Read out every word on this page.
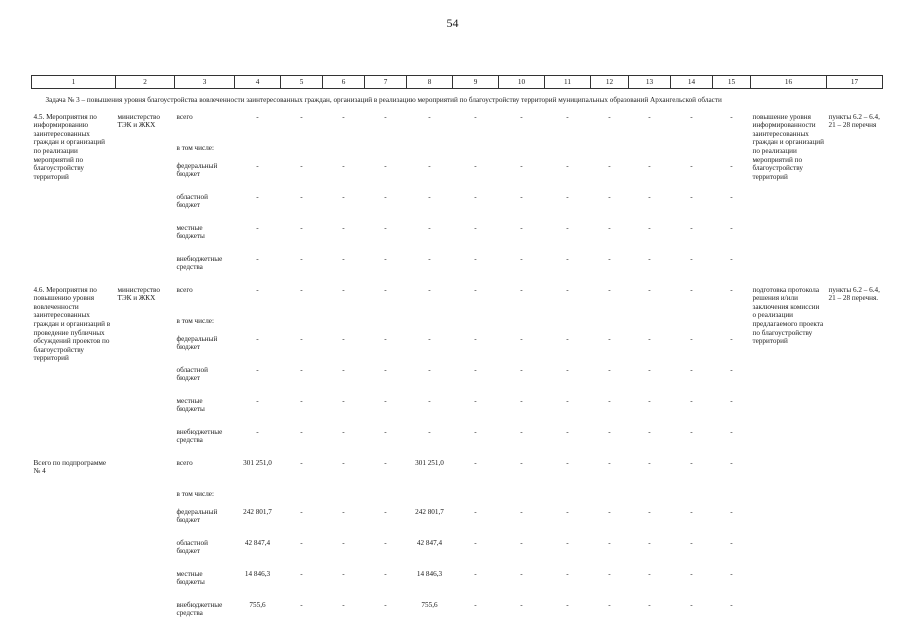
54
1	2	3	4	5	6	7	8	9	10	11	12	13	14	15	16	17
Задача № 3 – повышения уровня благоустройства вовлеченности заинтересованных граждан, организаций в реализацию мероприятий по благоустройству территорий муниципальных образований Архангельской области																
4.5. Мероприятия по информированию заинтересованных граждан и организаций по реализации мероприятий по благоустройству территорий	министерство ТЭК и ЖКХ	всего	-	-	-	-	-	-	-	-	-	-	-	-	повышение уровня информированности заинтересованных граждан и организаций по реализации мероприятий по благоустройству территорий	пункты 6.2 – 6.4, 21 – 28 перечня
		в том числе:														
		федеральный бюджет	-	-	-	-	-	-	-	-	-	-	-	-		
		областной бюджет	-	-	-	-	-	-	-	-	-	-	-	-		
		местные бюджеты	-	-	-	-	-	-	-	-	-	-	-	-		
		внебюджетные средства	-	-	-	-	-	-	-	-	-	-	-	-		
4.6. Мероприятия по повышению уровня вовлеченности заинтересованных граждан и организаций в проведение публичных обсуждений проектов по благоустройству территорий	министерство ТЭК и ЖКХ	всего	-	-	-	-	-	-	-	-	-	-	-	-	подготовка протокола решения и/или заключения комиссии о реализации предлагаемого проекта по благоустройству территорий	пункты 6.2 – 6.4, 21 – 28 перечня.
		в том числе:														
		федеральный бюджет	-	-	-	-	-	-	-	-	-	-	-	-		
		областной бюджет	-	-	-	-	-	-	-	-	-	-	-	-		
		местные бюджеты	-	-	-	-	-	-	-	-	-	-	-	-		
		внебюджетные средства	-	-	-	-	-	-	-	-	-	-	-	-		
Всего по подпрограмме № 4		всего	301 251,0	-	-	-	301 251,0	-	-	-	-	-	-	-		
		в том числе:														
		федеральный бюджет	242 801,7	-	-	-	242 801,7	-	-	-	-	-	-	-		
		областной бюджет	42 847,4	-	-	-	42 847,4	-	-	-	-	-	-	-		
		местные бюджеты	14 846,3	-	-	-	14 846,3	-	-	-	-	-	-	-		
		внебюджетные средства	755,6	-	-	-	755,6	-	-	-	-	-	-	-		
